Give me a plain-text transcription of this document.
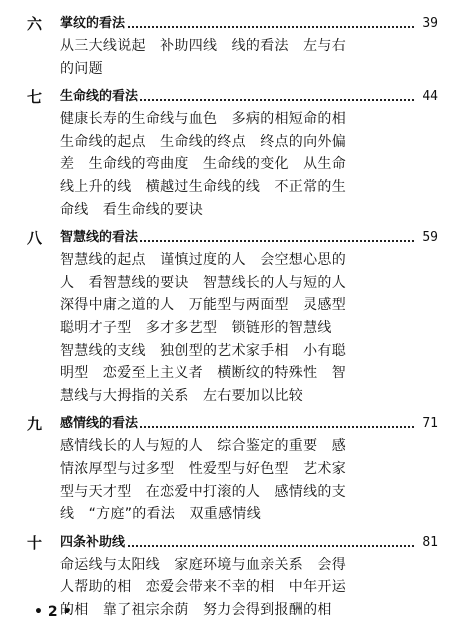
六 掌纹的看法	39
从三大线说起　补助四线　线的看法　左与右
的问题
七 生命线的看法	44
健康长寿的生命线与血色　多病的相短命的相
生命线的起点　生命线的终点　终点的向外偏
差　生命线的弯曲度　生命线的变化　从生命
线上升的线　横越过生命线的线　不正常的生
命线　看生命线的要诀
八 智慧线的看法	59
智慧线的起点　谨慎过度的人　会空想心思的
人　看智慧线的要诀　智慧线长的人与短的人
深得中庸之道的人　万能型与两面型　灵感型
聪明才子型　多才多艺型　锁链形的智慧线
智慧线的支线　独创型的艺术家手相　小有聪
明型　恋爱至上主义者　横断纹的特殊性　智
慧线与大拇指的关系　左右要加以比较
九 感情线的看法	71
感情线长的人与短的人　综合鉴定的重要　感
情浓厚型与过多型　性爱型与好色型　艺术家
型与天才型　在恋爱中打滚的人　感情线的支
线　“方庭”的看法　双重感情线
十 四条补助线	81
命运线与太阳线　家庭环境与血亲关系　会得
人帮助的相　恋爱会带来不幸的相　中年开运
的相　靠了祖宗余荫　努力会得到报酬的相
• 2 •
